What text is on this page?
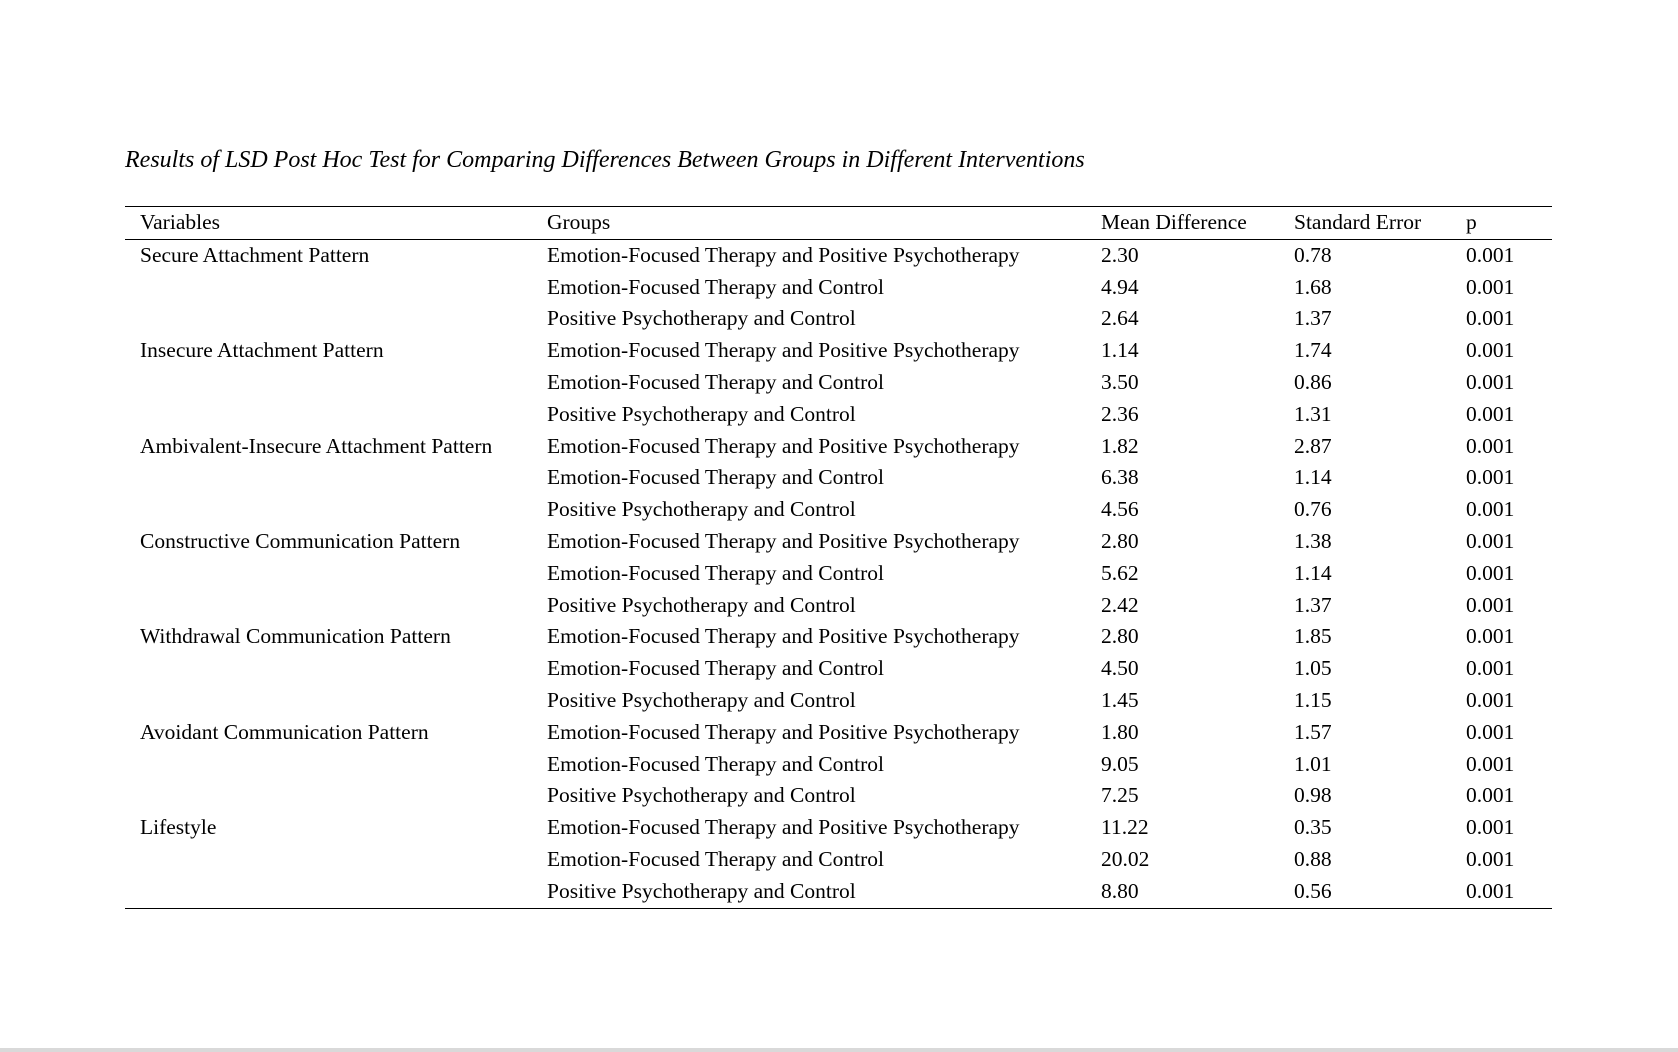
Results of LSD Post Hoc Test for Comparing Differences Between Groups in Different Interventions
Variables	Groups	Mean Difference	Standard Error	p
Secure Attachment Pattern	Emotion-Focused Therapy and Positive Psychotherapy	2.30	0.78	0.001
	Emotion-Focused Therapy and Control	4.94	1.68	0.001
	Positive Psychotherapy and Control	2.64	1.37	0.001
Insecure Attachment Pattern	Emotion-Focused Therapy and Positive Psychotherapy	1.14	1.74	0.001
	Emotion-Focused Therapy and Control	3.50	0.86	0.001
	Positive Psychotherapy and Control	2.36	1.31	0.001
Ambivalent-Insecure Attachment Pattern	Emotion-Focused Therapy and Positive Psychotherapy	1.82	2.87	0.001
	Emotion-Focused Therapy and Control	6.38	1.14	0.001
	Positive Psychotherapy and Control	4.56	0.76	0.001
Constructive Communication Pattern	Emotion-Focused Therapy and Positive Psychotherapy	2.80	1.38	0.001
	Emotion-Focused Therapy and Control	5.62	1.14	0.001
	Positive Psychotherapy and Control	2.42	1.37	0.001
Withdrawal Communication Pattern	Emotion-Focused Therapy and Positive Psychotherapy	2.80	1.85	0.001
	Emotion-Focused Therapy and Control	4.50	1.05	0.001
	Positive Psychotherapy and Control	1.45	1.15	0.001
Avoidant Communication Pattern	Emotion-Focused Therapy and Positive Psychotherapy	1.80	1.57	0.001
	Emotion-Focused Therapy and Control	9.05	1.01	0.001
	Positive Psychotherapy and Control	7.25	0.98	0.001
Lifestyle	Emotion-Focused Therapy and Positive Psychotherapy	11.22	0.35	0.001
	Emotion-Focused Therapy and Control	20.02	0.88	0.001
	Positive Psychotherapy and Control	8.80	0.56	0.001
